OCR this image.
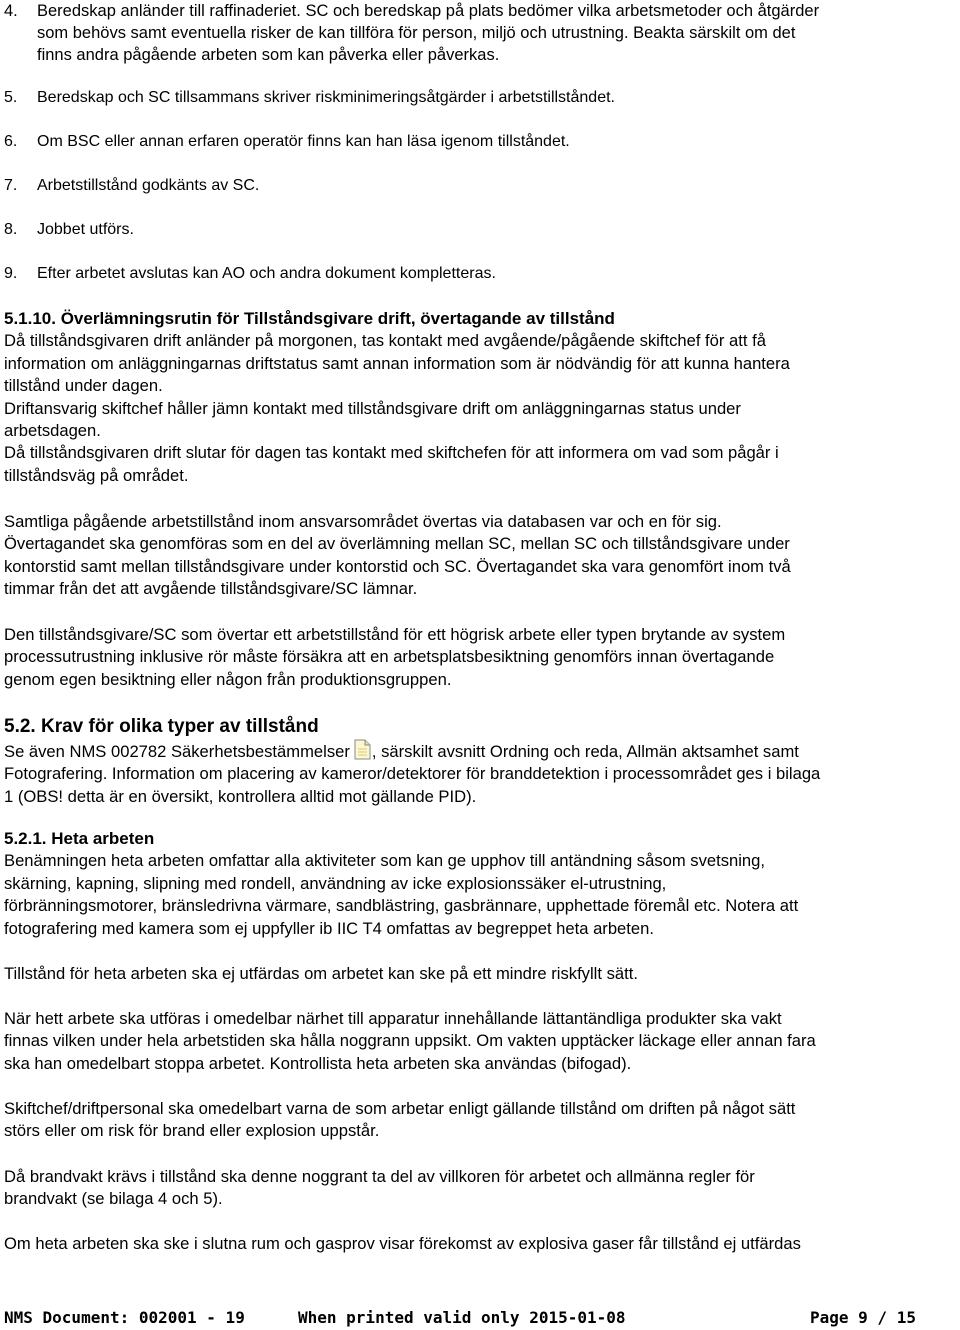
4. Beredskap anländer till raffinaderiet. SC och beredskap på plats bedömer vilka arbetsmetoder och åtgärder
som behövs samt eventuella risker de kan tillföra för person, miljö och utrustning. Beakta särskilt om det
finns andra pågående arbeten som kan påverka eller påverkas.
5. Beredskap och SC tillsammans skriver riskminimeringsåtgärder i arbetstillståndet.
6. Om BSC eller annan erfaren operatör finns kan han läsa igenom tillståndet.
7. Arbetstillstånd godkänts av SC.
8. Jobbet utförs.
9. Efter arbetet avslutas kan AO och andra dokument kompletteras.
5.1.10. Överlämningsrutin för Tillståndsgivare drift, övertagande av tillstånd
Då tillståndsgivaren drift anländer på morgonen, tas kontakt med avgående/pågående skiftchef för att få
information om anläggningarnas driftstatus samt annan information som är nödvändig för att kunna hantera
tillstånd under dagen.
Driftansvarig skiftchef håller jämn kontakt med tillståndsgivare drift om anläggningarnas status under
arbetsdagen.
Då tillståndsgivaren drift slutar för dagen tas kontakt med skiftchefen för att informera om vad som pågår i
tillståndsväg på området.
Samtliga pågående arbetstillstånd inom ansvarsområdet övertas via databasen var och en för sig.
Övertagandet ska genomföras som en del av överlämning mellan SC, mellan SC och tillståndsgivare under
kontorstid samt mellan tillståndsgivare under kontorstid och SC. Övertagandet ska vara genomfört inom två
timmar från det att avgående tillståndsgivare/SC lämnar.
Den tillståndsgivare/SC som övertar ett arbetstillstånd för ett högrisk arbete eller typen brytande av system
processutrustning inklusive rör måste försäkra att en arbetsplatsbesiktning genomförs innan övertagande
genom egen besiktning eller någon från produktionsgruppen.
5.2. Krav för olika typer av tillstånd
Se även NMS 002782 Säkerhetsbestämmelser , särskilt avsnitt Ordning och reda, Allmän aktsamhet samt
Fotografering. Information om placering av kameror/detektorer för branddetektion i processområdet ges i bilaga
1 (OBS! detta är en översikt, kontrollera alltid mot gällande PID).
5.2.1. Heta arbeten
Benämningen heta arbeten omfattar alla aktiviteter som kan ge upphov till antändning såsom svetsning,
skärning, kapning, slipning med rondell, användning av icke explosionssäker el-utrustning,
förbränningsmotorer, bränsledrivna värmare, sandblästring, gasbrännare, upphettade föremål etc. Notera att
fotografering med kamera som ej uppfyller ib IIC T4 omfattas av begreppet heta arbeten.
Tillstånd för heta arbeten ska ej utfärdas om arbetet kan ske på ett mindre riskfyllt sätt.
När hett arbete ska utföras i omedelbar närhet till apparatur innehållande lättantändliga produkter ska vakt
finnas vilken under hela arbetstiden ska hålla noggrann uppsikt. Om vakten upptäcker läckage eller annan fara
ska han omedelbart stoppa arbetet. Kontrollista heta arbeten ska användas (bifogad).
Skiftchef/driftpersonal ska omedelbart varna de som arbetar enligt gällande tillstånd om driften på något sätt
störs eller om risk för brand eller explosion uppstår.
Då brandvakt krävs i tillstånd ska denne noggrant ta del av villkoren för arbetet och allmänna regler för
brandvakt (se bilaga 4 och 5).
Om heta arbeten ska ske i slutna rum och gasprov visar förekomst av explosiva gaser får tillstånd ej utfärdas
NMS Document: 002001 - 19	When printed valid only 2015-01-08	Page 9 / 15
